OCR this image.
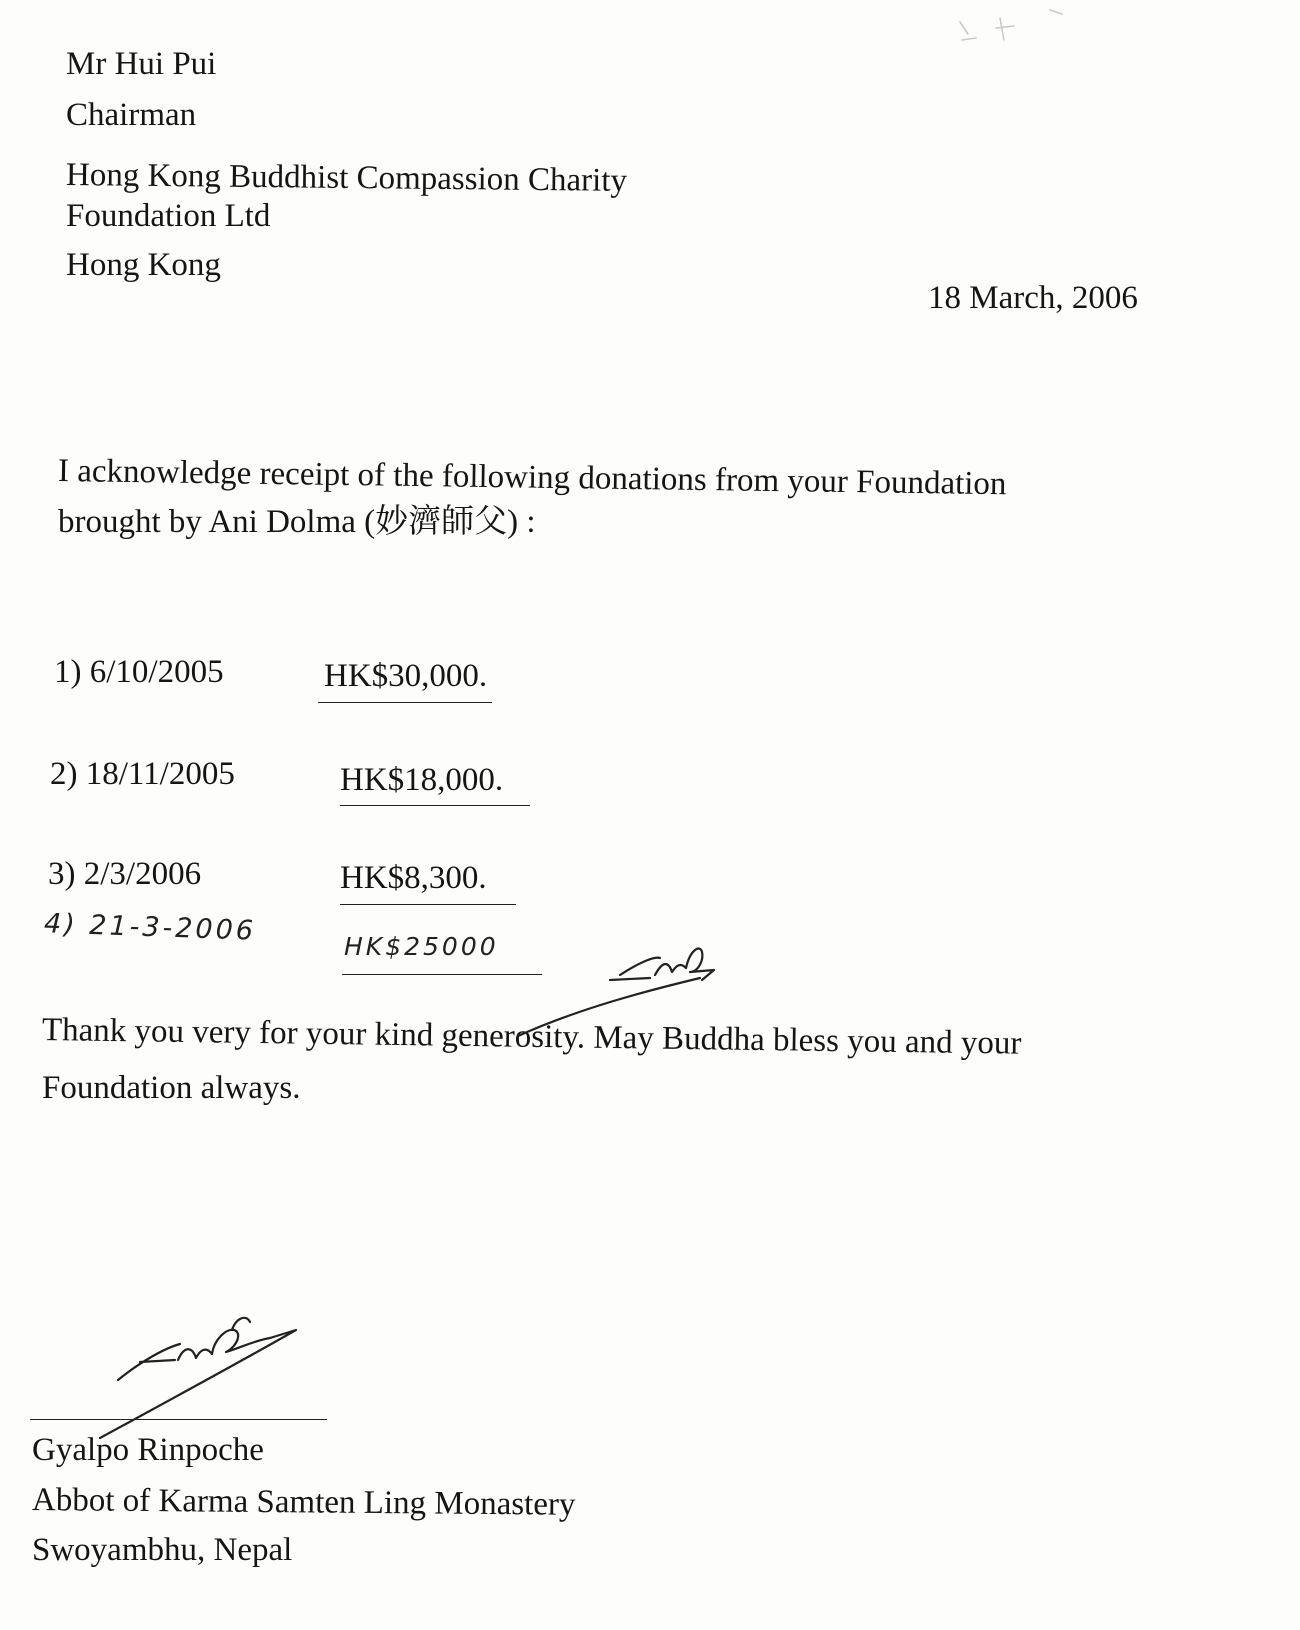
Mr Hui Pui
Chairman
Hong Kong Buddhist Compassion Charity
Foundation Ltd
Hong Kong
18 March, 2006
I acknowledge receipt of the following donations from your Foundation
brought by Ani Dolma (妙濟師父) :
1) 6/10/2005	HK$30,000.
2) 18/11/2005	HK$18,000.
3) 2/3/2006	HK$8,300.
4) 21-3-2006	HK$25000
Thank you very for your kind generosity. May Buddha bless you and your
Foundation always.
Gyalpo Rinpoche
Abbot of Karma Samten Ling Monastery
Swoyambhu, Nepal
